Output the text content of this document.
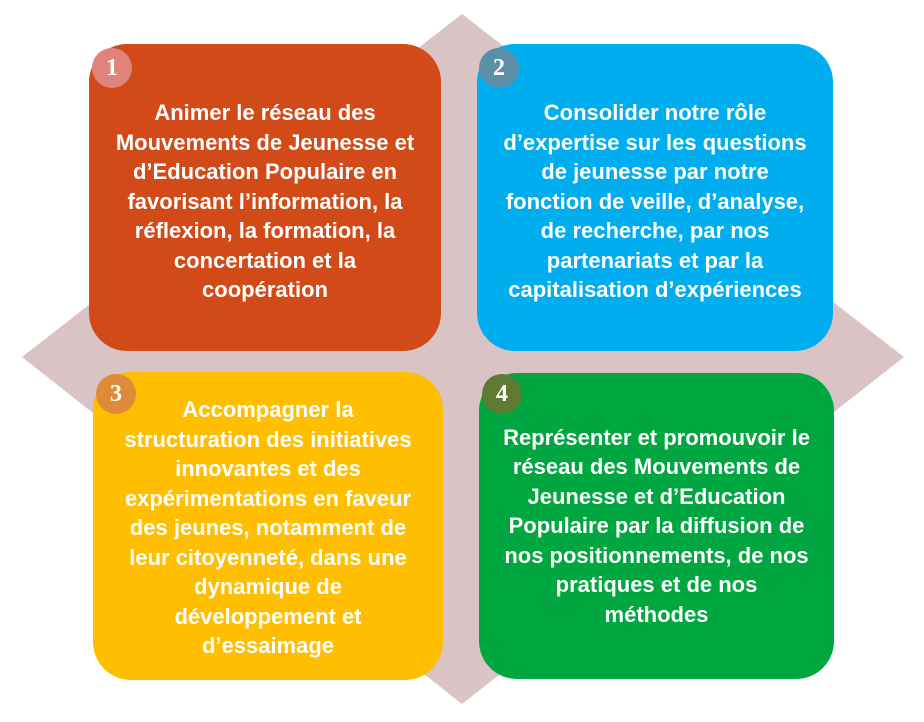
Animer le réseau des Mouvements de Jeunesse et d’Education Populaire en favorisant l’information, la réflexion, la formation, la concertation et la coopération
1
Consolider notre rôle d’expertise sur les questions de jeunesse par notre fonction de veille, d’analyse, de recherche, par nos partenariats et par la capitalisation d’expériences
2
Accompagner la structuration des initiatives innovantes et des expérimentations en faveur des jeunes, notamment de leur citoyenneté, dans une dynamique de développement et d’essaimage
3
Représenter et promouvoir le réseau des Mouvements de Jeunesse et d’Education Populaire par la diffusion de nos positionnements, de nos pratiques et de nos méthodes
4
